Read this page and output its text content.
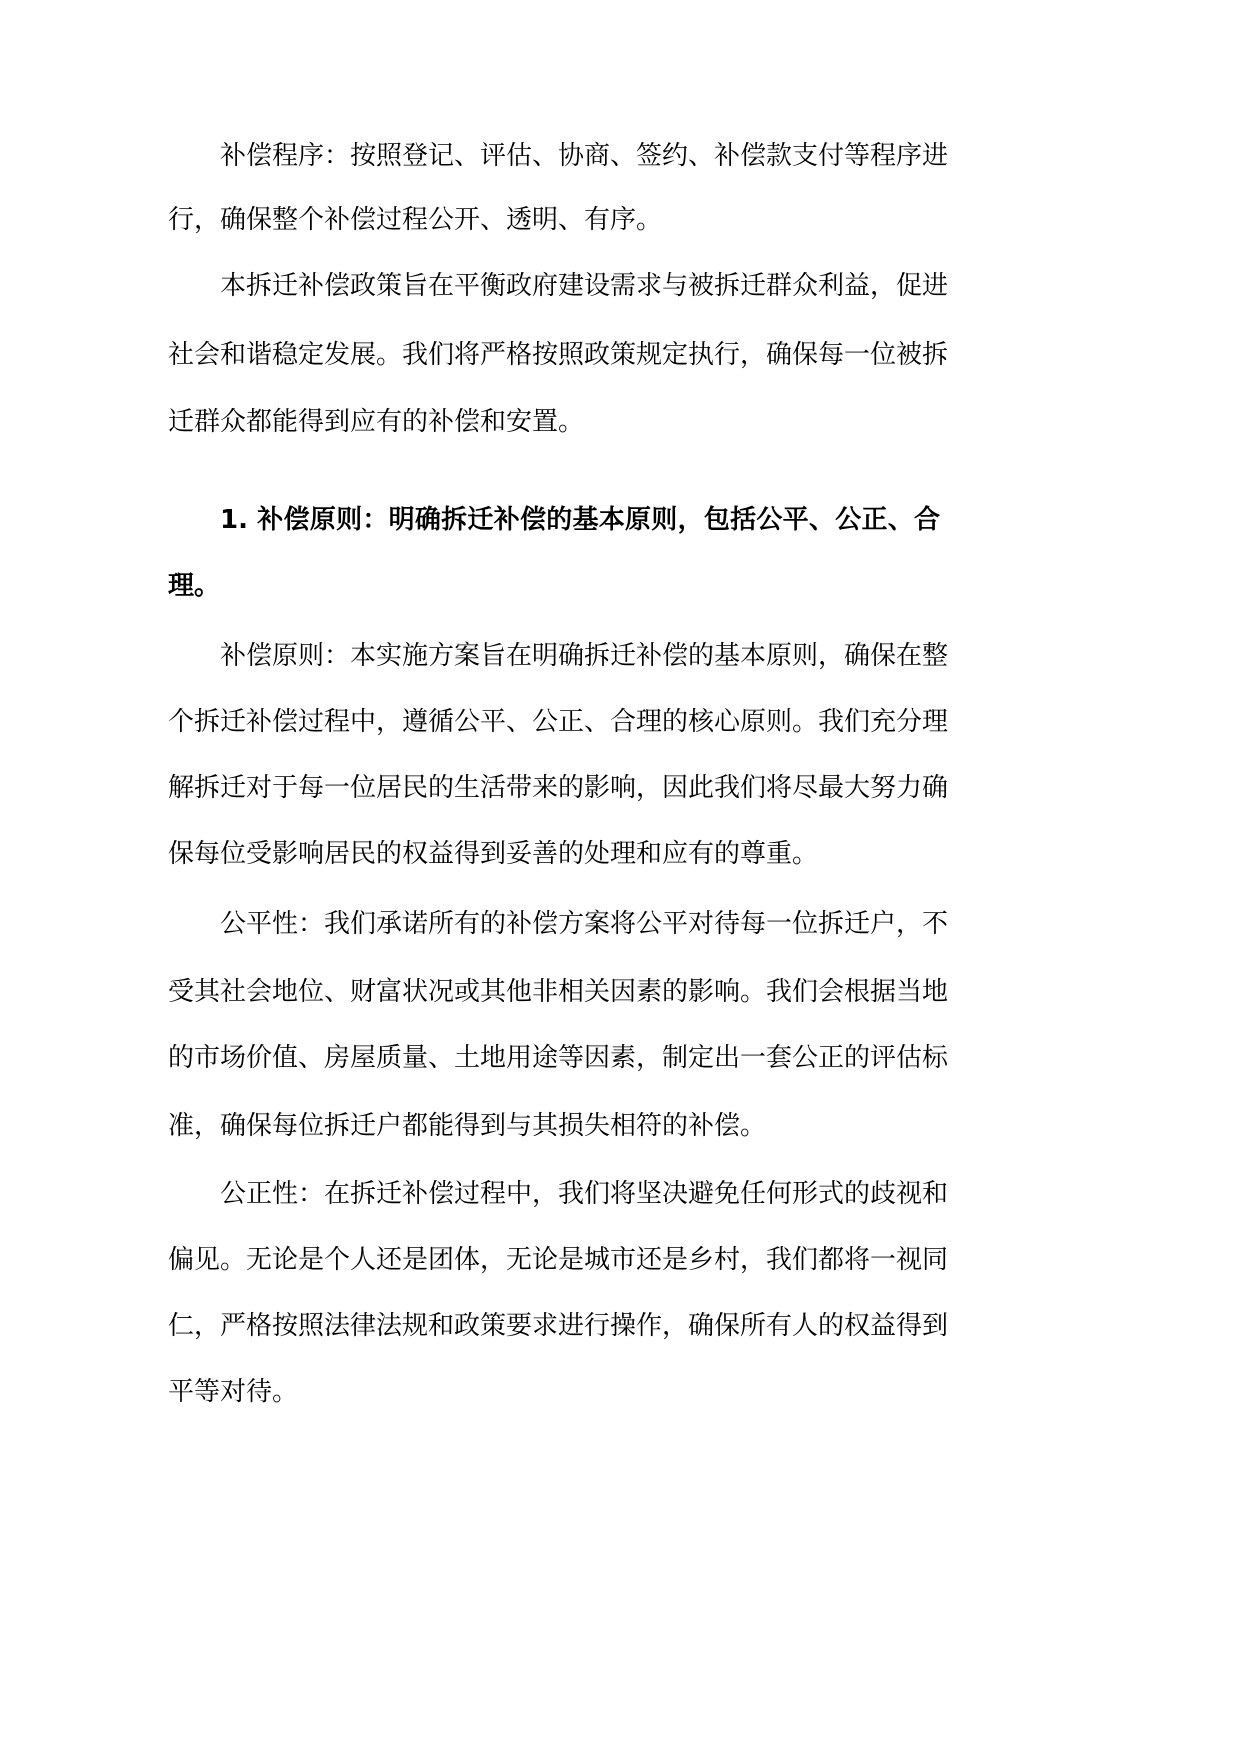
补偿程序：按照登记、评估、协商、签约、补偿款支付等程序进
行，确保整个补偿过程公开、透明、有序。
本拆迁补偿政策旨在平衡政府建设需求与被拆迁群众利益，促进
社会和谐稳定发展。我们将严格按照政策规定执行，确保每一位被拆
迁群众都能得到应有的补偿和安置。
1. 补偿原则：明确拆迁补偿的基本原则，包括公平、公正、合
理。
补偿原则：本实施方案旨在明确拆迁补偿的基本原则，确保在整
个拆迁补偿过程中，遵循公平、公正、合理的核心原则。我们充分理
解拆迁对于每一位居民的生活带来的影响，因此我们将尽最大努力确
保每位受影响居民的权益得到妥善的处理和应有的尊重。
公平性：我们承诺所有的补偿方案将公平对待每一位拆迁户，不
受其社会地位、财富状况或其他非相关因素的影响。我们会根据当地
的市场价值、房屋质量、土地用途等因素，制定出一套公正的评估标
准，确保每位拆迁户都能得到与其损失相符的补偿。
公正性：在拆迁补偿过程中，我们将坚决避免任何形式的歧视和
偏见。无论是个人还是团体，无论是城市还是乡村，我们都将一视同
仁，严格按照法律法规和政策要求进行操作，确保所有人的权益得到
平等对待。
